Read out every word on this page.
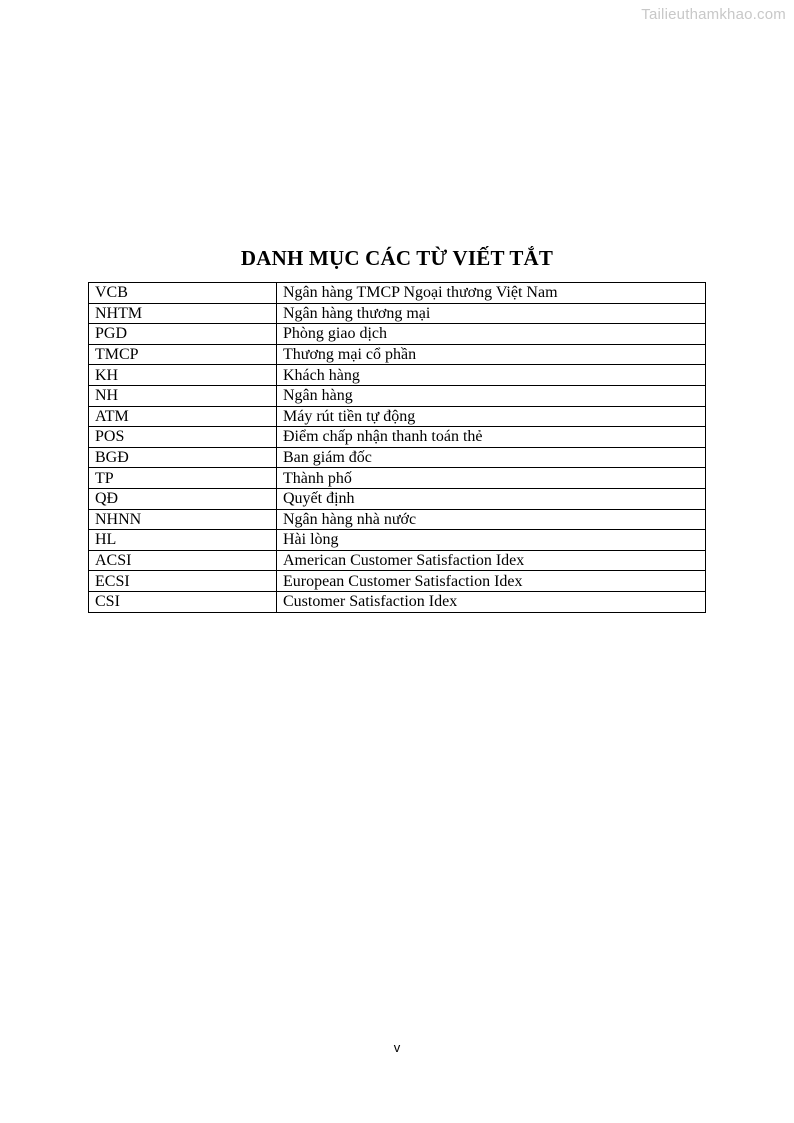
Tailieuthamkhao.com
DANH MỤC CÁC TỪ VIẾT TẮT
VCB	Ngân hàng TMCP Ngoại thương Việt Nam
NHTM	Ngân hàng thương mại
PGD	Phòng giao dịch
TMCP	Thương mại cổ phần
KH	Khách hàng
NH	Ngân hàng
ATM	Máy rút tiền tự động
POS	Điểm chấp nhận thanh toán thẻ
BGĐ	Ban giám đốc
TP	Thành phố
QĐ	Quyết định
NHNN	Ngân hàng nhà nước
HL	Hài lòng
ACSI	American Customer Satisfaction Idex
ECSI	European Customer Satisfaction Idex
CSI	Customer Satisfaction Idex
v
